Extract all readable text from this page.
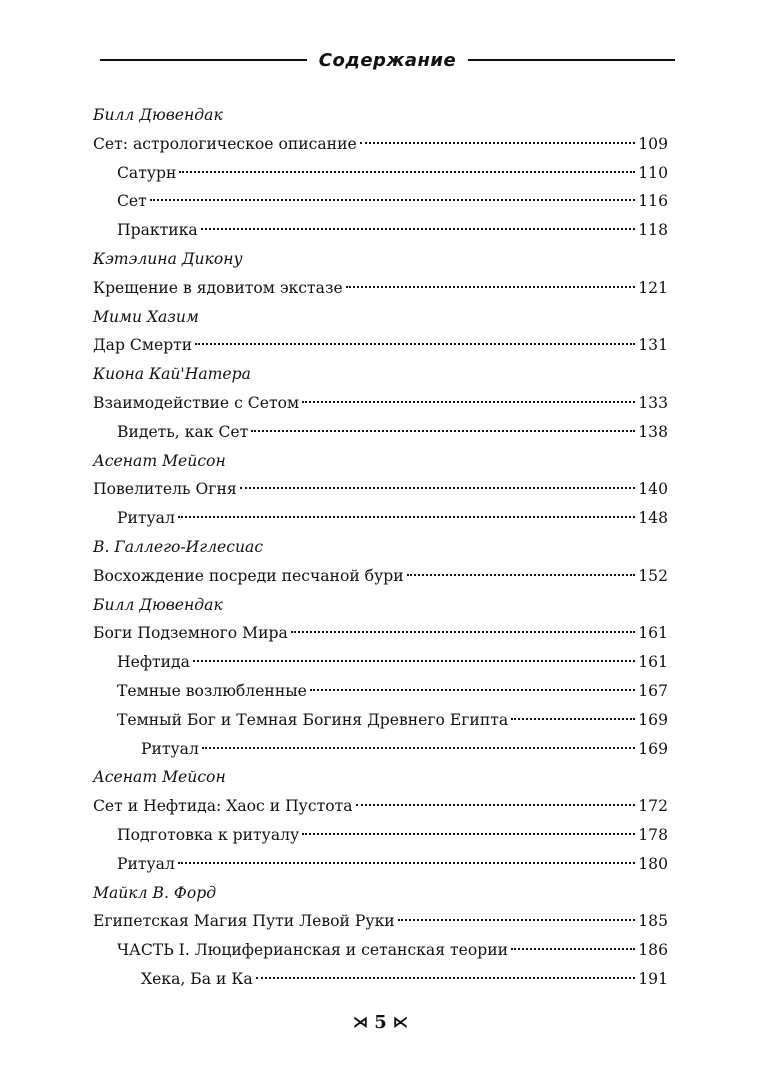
Содержание
Билл Дювендак
Сет: астрологическое описание	109
Сатурн	110
Сет	116
Практика	118
Кэтэлина Дикону
Крещение в ядовитом экстазе	121
Мими Хазим
Дар Смерти	131
Киона Кай'Натера
Взаимодействие с Сетом	133
Видеть, как Сет	138
Асенат Мейсон
Повелитель Огня	140
Ритуал	148
В. Галлего-Иглесиас
Восхождение посреди песчаной бури	152
Билл Дювендак
Боги Подземного Мира	161
Нефтида	161
Темные возлюбленные	167
Темный Бог и Темная Богиня Древнего Египта	169
Ритуал	169
Асенат Мейсон
Сет и Нефтида: Хаос и Пустота	172
Подготовка к ритуалу	178
Ритуал	180
Майкл В. Форд
Египетская Магия Пути Левой Руки	185
ЧАСТЬ I. Люциферианская и сетанская теории	186
Хека, Ба и Ка	191
⋊ 5 ⋉
